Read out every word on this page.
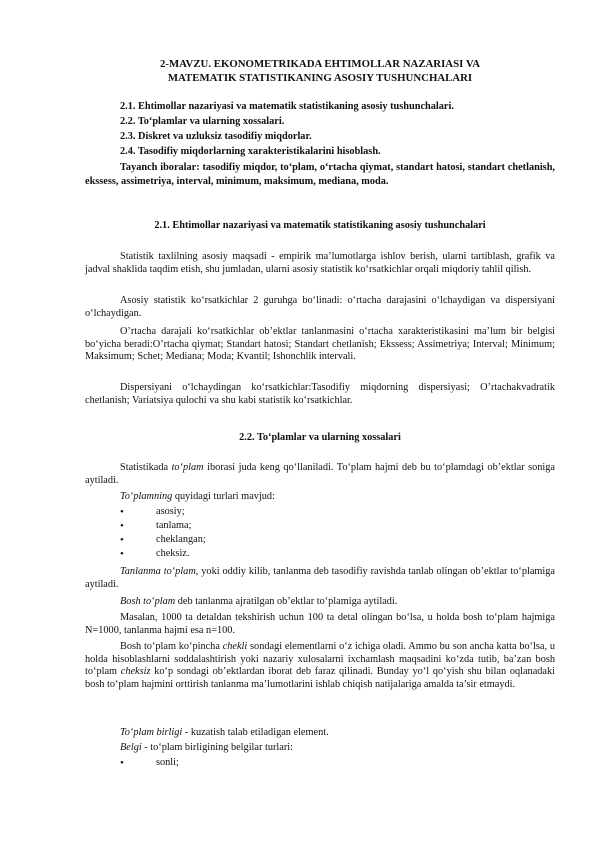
2-MAVZU. EKONOMETRIKADA EHTIMOLLAR NAZARIASI VA
MATEMATIK STATISTIKANING ASOSIY TUSHUNCHALARI
2.1. Ehtimollar nazariyasi va matematik statistikaning asosiy tushunchalari.
2.2. To‘plamlar va ularning xossalari.
2.3. Diskret va uzluksiz tasodifiy miqdorlar.
2.4. Tasodifiy miqdorlarning xarakteristikalarini hisoblash.
Tayanch iboralar: tasodifiy miqdor, to‘plam, o‘rtacha qiymat, standart hatosi, standart chetlanish, ekssess, assimetriya, interval, minimum, maksimum, mediana, moda.
2.1. Ehtimollar nazariyasi va matematik statistikaning asosiy tushunchalari
Statistik taxlilning asosiy maqsadi - empirik ma’lumotlarga ishlov berish, ularni tartiblash, grafik va jadval shaklida taqdim etish, shu jumladan, ularni asosiy statistik ko‘rsatkichlar orqali miqdoriy tahlil qilish.
Asosiy statistik ko‘rsatkichlar 2 guruhga bo‘linadi: o‘rtacha darajasini o‘lchaydigan va dispersiyani o‘lchaydigan.
O’rtacha darajali ko‘rsatkichlar ob’ektlar tanlanmasini o‘rtacha xarakteristikasini ma’lum bir belgisi bo‘yicha beradi:O’rtacha qiymat; Standart hatosi; Standart chetlanish; Ekssess; Assimetriya; Interval; Minimum; Maksimum; Schet; Mediana; Moda; Kvantil; Ishonchlik intervali.
Dispersiyani o‘lchaydingan ko‘rsatkichlar:Tasodifiy miqdorning dispersiyasi; O’rtachakvadratik chetlanish; Variatsiya qulochi va shu kabi statistik ko‘rsatkichlar.
2.2. To‘plamlar va ularning xossalari
Statistikada to‘plam iborasi juda keng qo‘llaniladi. To‘plam hajmi deb bu to‘plamdagi ob’ektlar soniga aytiladi.
To‘plamning quyidagi turlari mavjud:
•	asosiy;
•	tanlama;
•	cheklangan;
•	cheksiz.
Tanlanma to‘plam, yoki oddiy kilib, tanlanma deb tasodifiy ravishda tanlab olingan ob’ektlar to‘plamiga aytiladi.
Bosh to‘plam deb tanlanma ajratilgan ob’ektlar to‘plamiga aytiladi.
Masalan, 1000 ta detaldan tekshirish uchun 100 ta detal olingan bo‘lsa, u holda bosh to‘plam hajmiga N=1000, tanlanma hajmi esa n=100.
Bosh to‘plam ko‘pincha chekli sondagi elementlarni o‘z ichiga oladi. Ammo bu son ancha katta bo‘lsa, u holda hisoblashlarni soddalashtirish yoki nazariy xulosalarni ixchamlash maqsadini ko‘zda tutib, ba’zan bosh to‘plam cheksiz ko‘p sondagi ob’ektlardan iborat deb faraz qilinadi. Bunday yo‘l qo‘yish shu bilan oqlanadaki bosh to‘plam hajmini orttirish tanlanma ma’lumotlarini ishlab chiqish natijalariga amalda ta’sir etmaydi.
To‘plam birligi - kuzatish talab etiladigan element.
Belgi - to‘plam birligining belgilar turlari:
•	sonli;
